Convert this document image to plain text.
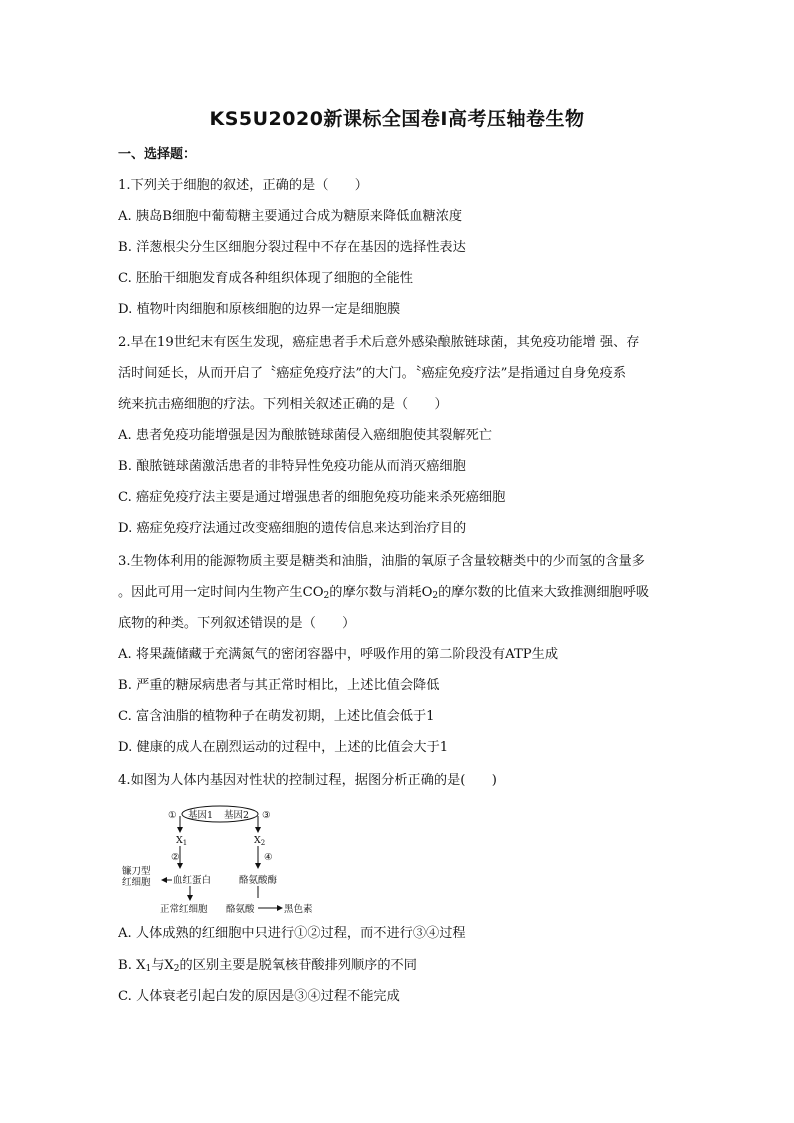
KS5U2020新课标全国卷Ⅰ高考压轴卷生物
一、选择题：
1.下列关于细胞的叙述，正确的是（　　）
A. 胰岛B细胞中葡萄糖主要通过合成为糖原来降低血糖浓度
B. 洋葱根尖分生区细胞分裂过程中不存在基因的选择性表达
C. 胚胎干细胞发育成各种组织体现了细胞的全能性
D. 植物叶肉细胞和原核细胞的边界一定是细胞膜
2.早在19世纪末有医生发现，癌症患者手术后意外感染酿脓链球菌，其免疫功能增 强、存
活时间延长，从而开启了〝癌症免疫疗法”的大门。〝癌症免疫疗法”是指通过自身免疫系
统来抗击癌细胞的疗法。下列相关叙述正确的是（　　）
A. 患者免疫功能增强是因为酿脓链球菌侵入癌细胞使其裂解死亡
B. 酿脓链球菌激活患者的非特异性免疫功能从而消灭癌细胞
C. 癌症免疫疗法主要是通过增强患者的细胞免疫功能来杀死癌细胞
D. 癌症免疫疗法通过改变癌细胞的遗传信息来达到治疗目的
3.生物体利用的能源物质主要是糖类和油脂，油脂的氧原子含量较糖类中的少而氢的含量多
。因此可用一定时间内生物产生$CO_2$的摩尔数与消耗$O_2$的摩尔数的比值来大致推测细胞呼吸
底物的种类。下列叙述错误的是（　　）
A. 将果蔬储藏于充满氮气的密闭容器中，呼吸作用的第二阶段没有ATP生成
B. 严重的糖尿病患者与其正常时相比，上述比值会降低
C. 富含油脂的植物种子在萌发初期，上述比值会低于1
D. 健康的成人在剧烈运动的过程中，上述的比值会大于1
4.如图为人体内基因对性状的控制过程，据图分析正确的是(　　)
① 基因1 基因2 ③
$X_1$	$X_2$
②	④
镰刀型
红细胞 血红蛋白	酪氨酸酶
正常红细胞 酪氨酸	黑色素
A. 人体成熟的红细胞中只进行①②过程，而不进行③④过程
B. $X_1$与$X_2$的区别主要是脱氧核苷酸排列顺序的不同
C. 人体衰老引起白发的原因是③④过程不能完成
